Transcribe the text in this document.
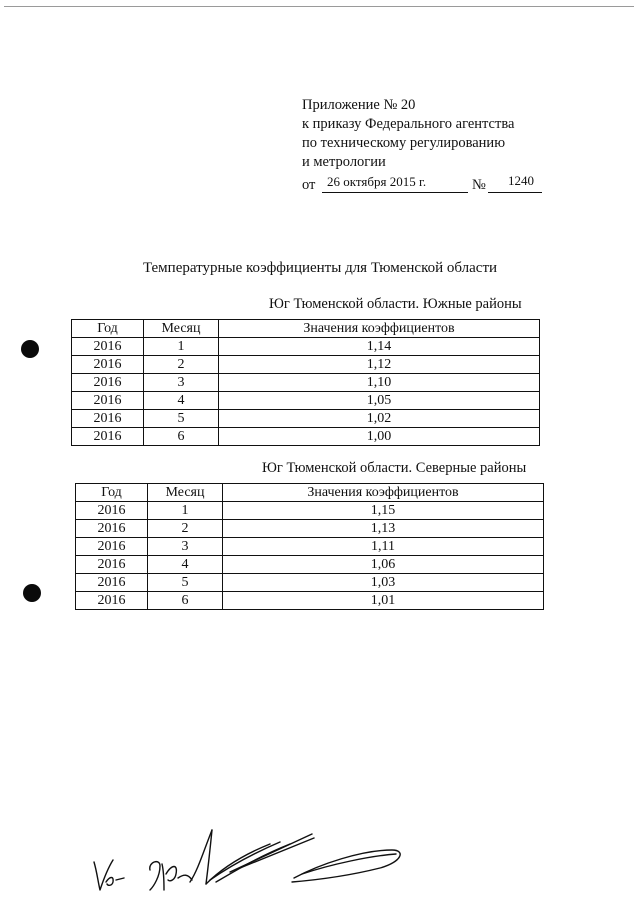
Приложение № 20
к приказу Федерального агентства
по техническому регулированию
и метрологии
от 26 октября 2015 г.	№ 1240
Температурные коэффициенты для Тюменской области
Юг Тюменской области. Южные районы
Год	Месяц	Значения коэффициентов
2016	1	1,14
2016	2	1,12
2016	3	1,10
2016	4	1,05
2016	5	1,02
2016	6	1,00
Юг Тюменской области. Северные районы
Год	Месяц	Значения коэффициентов
2016	1	1,15
2016	2	1,13
2016	3	1,11
2016	4	1,06
2016	5	1,03
2016	6	1,01
